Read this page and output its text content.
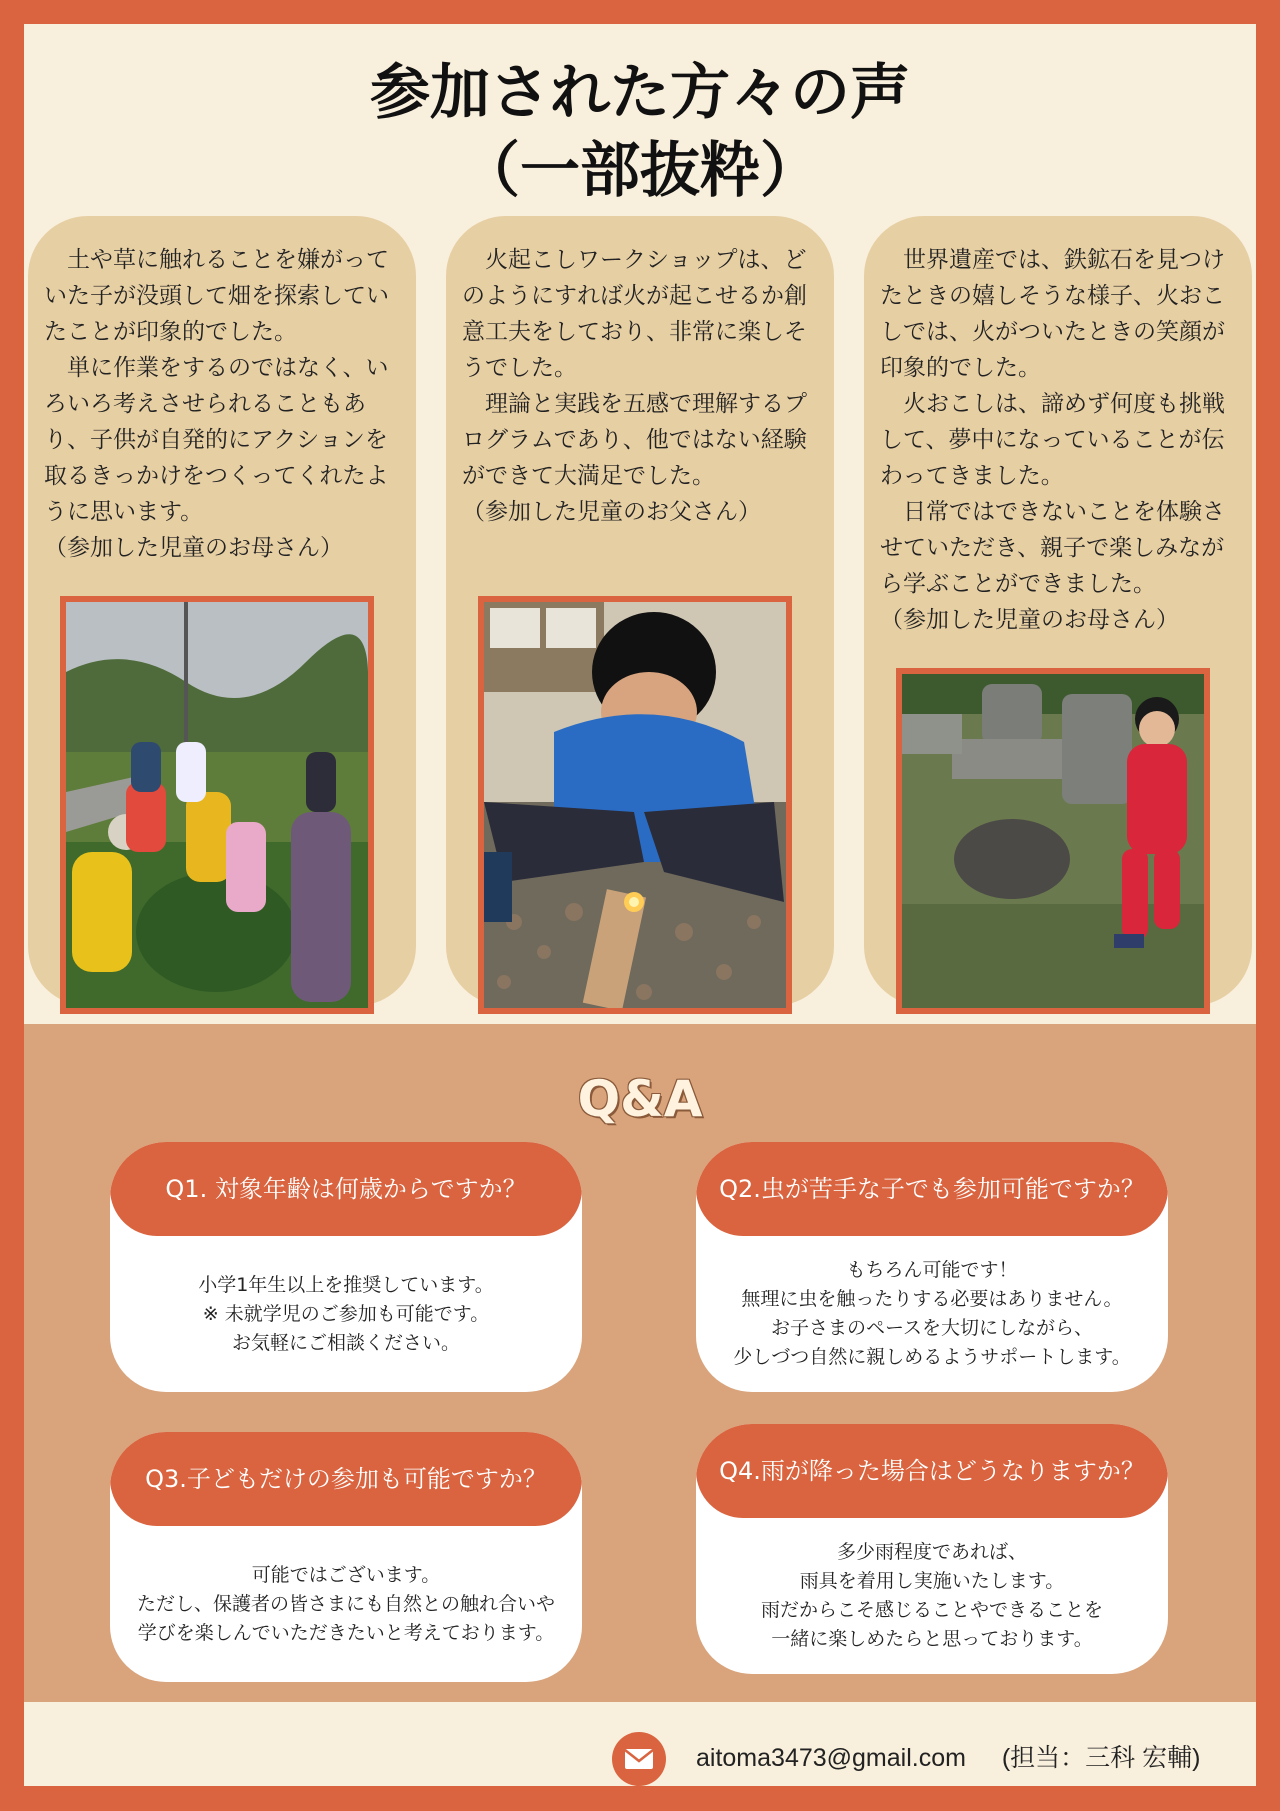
参加された方々の声
（一部抜粋）
　土や草に触れることを嫌がっていた子が没頭して畑を探索していたことが印象的でした。
　単に作業をするのではなく、いろいろ考えさせられることもあり、子供が自発的にアクションを取るきっかけをつくってくれたように思います。
（参加した児童のお母さん）
　火起こしワークショップは、どのようにすれば火が起こせるか創意工夫をしており、非常に楽しそうでした。
　理論と実践を五感で理解するプログラムであり、他ではない経験ができて大満足でした。
（参加した児童のお父さん）
　世界遺産では、鉄鉱石を見つけたときの嬉しそうな様子、火おこしでは、火がついたときの笑顔が印象的でした。
　火おこしは、諦めず何度も挑戦して、夢中になっていることが伝わってきました。
　日常ではできないことを体験させていただき、親子で楽しみながら学ぶことができました。
（参加した児童のお母さん）
Q&A
Q1. 対象年齢は何歳からですか？
小学1年生以上を推奨しています。
※ 未就学児のご参加も可能です。
お気軽にご相談ください。
Q2.虫が苦手な子でも参加可能ですか？
もちろん可能です！
無理に虫を触ったりする必要はありません。
お子さまのペースを大切にしながら、
少しづつ自然に親しめるようサポートします。
Q3.子どもだけの参加も可能ですか？
可能ではございます。
ただし、保護者の皆さまにも自然との触れ合いや
学びを楽しんでいただきたいと考えております。
Q4.雨が降った場合はどうなりますか？
多少雨程度であれば、
雨具を着用し実施いたします。
雨だからこそ感じることやできることを
一緒に楽しめたらと思っております。
aitoma3473@gmail.com (担当：三科 宏輔)
